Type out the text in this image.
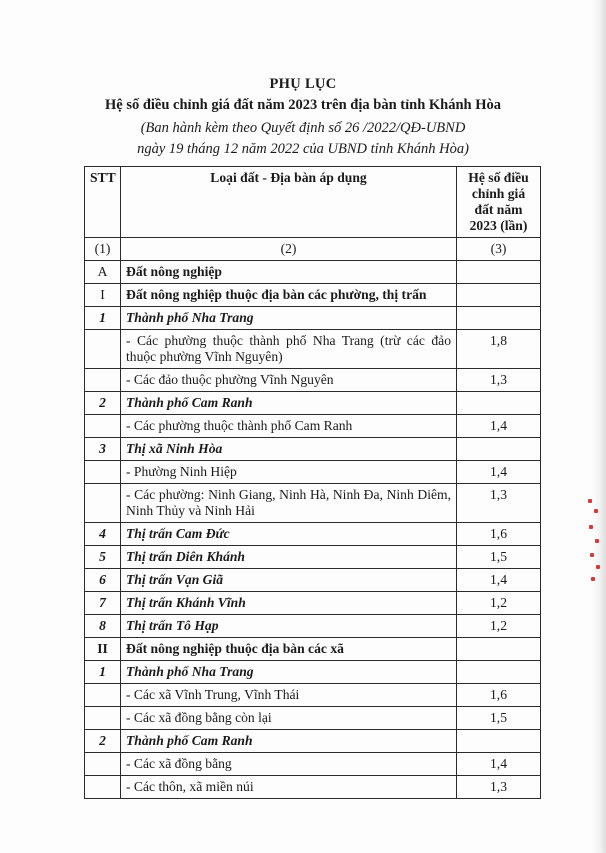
PHỤ LỤC
Hệ số điều chỉnh giá đất năm 2023 trên địa bàn tỉnh Khánh Hòa
(Ban hành kèm theo Quyết định số 26 /2022/QĐ-UBND
ngày 19 tháng 12 năm 2022 của UBND tỉnh Khánh Hòa)
STT	Loại đất - Địa bàn áp dụng	Hệ số điều chỉnh giá đất năm 2023 (lần)
(1)	(2)	(3)
A	Đất nông nghiệp	
I	Đất nông nghiệp thuộc địa bàn các phường, thị trấn	
1	Thành phố Nha Trang	
	- Các phường thuộc thành phố Nha Trang (trừ các đảo thuộc phường Vĩnh Nguyên)	1,8
	- Các đảo thuộc phường Vĩnh Nguyên	1,3
2	Thành phố Cam Ranh	
	- Các phường thuộc thành phố Cam Ranh	1,4
3	Thị xã Ninh Hòa	
	- Phường Ninh Hiệp	1,4
	- Các phường: Ninh Giang, Ninh Hà, Ninh Đa, Ninh Diêm, Ninh Thủy và Ninh Hải	1,3
4	Thị trấn Cam Đức	1,6
5	Thị trấn Diên Khánh	1,5
6	Thị trấn Vạn Giã	1,4
7	Thị trấn Khánh Vĩnh	1,2
8	Thị trấn Tô Hạp	1,2
II	Đất nông nghiệp thuộc địa bàn các xã	
1	Thành phố Nha Trang	
	- Các xã Vĩnh Trung, Vĩnh Thái	1,6
	- Các xã đồng bằng còn lại	1,5
2	Thành phố Cam Ranh	
	- Các xã đồng bằng	1,4
	- Các thôn, xã miền núi	1,3
